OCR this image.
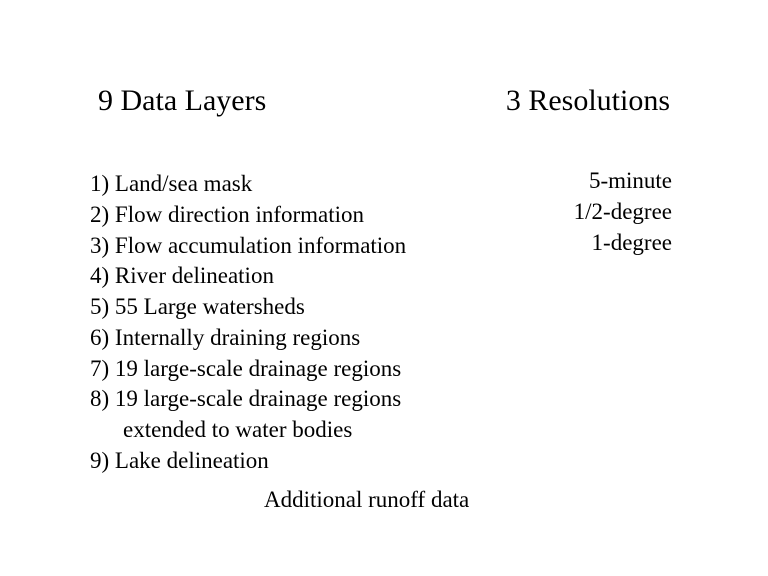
9 Data Layers	3 Resolutions
1) Land/sea mask
2) Flow direction information
3) Flow accumulation information
4) River delineation
5) 55 Large watersheds
6) Internally draining regions
7) 19 large-scale drainage regions
8) 19 large-scale drainage regions
extended to water bodies
9) Lake delineation
5-minute
1/2-degree
1-degree
Additional runoff data
